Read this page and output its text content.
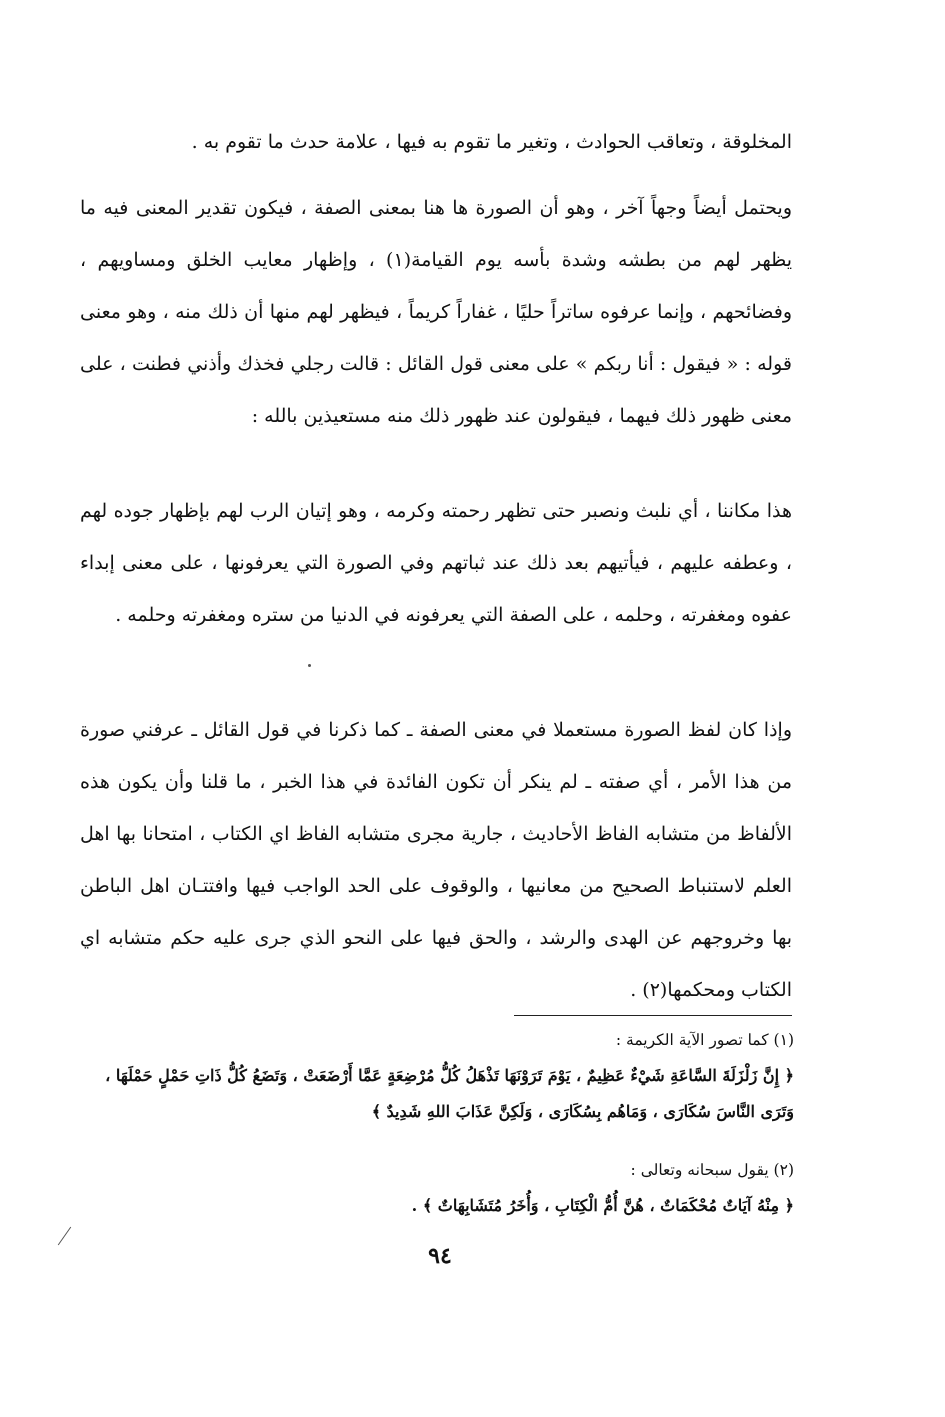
المخلوقة ، وتعاقب الحوادث ، وتغير ما تقوم به فيها ، علامة حدث ما تقوم به .

ويحتمل أيضاً وجهاً آخر ، وهو أن الصورة ها هنا بمعنى الصفة ، فيكون تقدير المعنى فيه ما يظهر لهم من بطشه وشدة بأسه يوم القيامة(١) ، وإظهار معايب الخلق ومساويهم ، وفضائحهم ، وإنما عرفوه ساتراً حليًا ، غفاراً كريماً ، فيظهر لهم منها أن ذلك منه ، وهو معنى قوله : « فيقول : أنا ربكم » على معنى قول القائل : قالت رجلي فخذك وأذني فطنت ، على معنى ظهور ذلك فيهما ، فيقولون عند ظهور ذلك منه مستعيذين بالله :

هذا مكاننا ، أي نلبث ونصبر حتى تظهر رحمته وكرمه ، وهو إتيان الرب لهم بإظهار جوده لهم ، وعطفه عليهم ، فيأتيهم بعد ذلك عند ثباتهم وفي الصورة التي يعرفونها ، على معنى إبداء عفوه ومغفرته ، وحلمه ، على الصفة التي يعرفونه في الدنيا من ستره ومغفرته وحلمه .

وإذا كان لفظ الصورة مستعملا في معنى الصفة ـ كما ذكرنا في قول القائل ـ عرفني صورة من هذا الأمر ، أي صفته ـ لم ينكر أن تكون الفائدة في هذا الخبر ، ما قلنا وأن يكون هذه الألفاظ من متشابه الفاظ الأحاديث ، جارية مجرى متشابه الفاظ اي الكتاب ، امتحانا بها اهل العلم لاستنباط الصحيح من معانيها ، والوقوف على الحد الواجب فيها وافتتـان اهل الباطن بها وخروجهم عن الهدى والرشد ، والحق فيها على النحو الذي جرى عليه حكم متشابه اي الكتاب ومحكمها(٢) .

(١) كما تصور الآية الكريمة :

﴿ إِنَّ زَلْزَلَةَ السَّاعَةِ شَيْءٌ عَظِيمٌ ، يَوْمَ تَرَوْنَهَا تَذْهَلُ كُلُّ مُرْضِعَةٍ عَمَّا أَرْضَعَتْ ، وَتَضَعُ كُلُّ ذَاتِ حَمْلٍ حَمْلَهَا ، وَتَرَى النَّاسَ سُكَارَى ، وَمَاهُم بِسُكَارَى ، وَلَكِنَّ عَذَابَ اللهِ شَدِيدٌ ﴾

(٢) يقول سبحانه وتعالى :

﴿ مِنْهُ آيَاتٌ مُحْكَمَاتٌ ، هُنَّ أُمُّ الْكِتَابِ ، وَأُخَرُ مُتَشَابِهَاتٌ ﴾ .

٩٤
